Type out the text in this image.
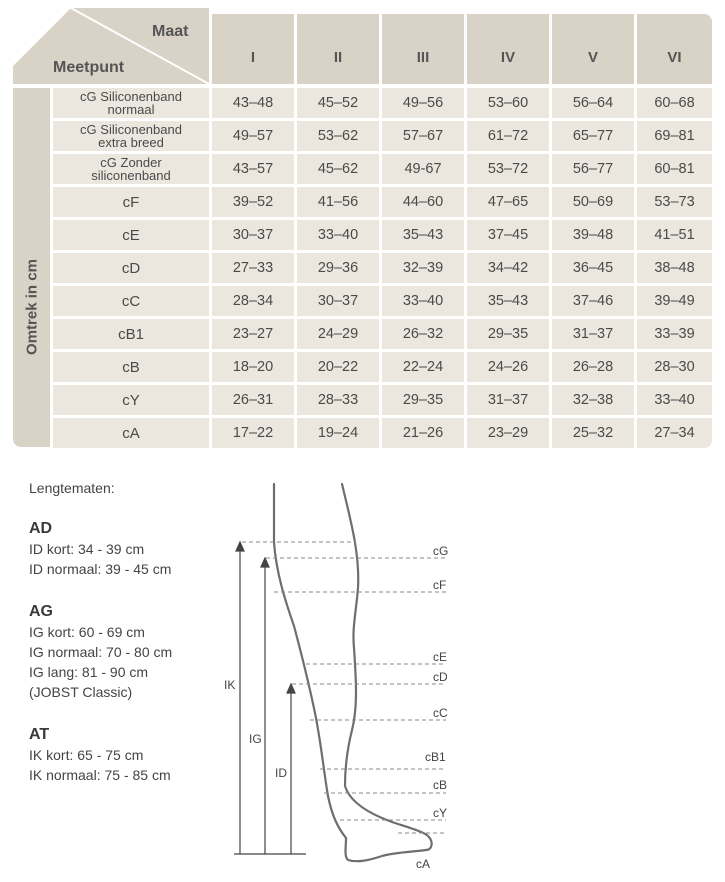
Maat
Meetpunt
I	II	III	IV	V	VI
Omtrek in cm
cG Siliconenband
normaal	43–48	45–52	49–56	53–60	56–64	60–68
cG Siliconenband
extra breed	49–57	53–62	57–67	61–72	65–77	69–81
cG Zonder
siliconenband	43–57	45–62	49-67	53–72	56–77	60–81
cF	39–52	41–56	44–60	47–65	50–69	53–73
cE	30–37	33–40	35–43	37–45	39–48	41–51
cD	27–33	29–36	32–39	34–42	36–45	38–48
cC	28–34	30–37	33–40	35–43	37–46	39–49
cB1	23–27	24–29	26–32	29–35	31–37	33–39
cB	18–20	20–22	22–24	24–26	26–28	28–30
cY	26–31	28–33	29–35	31–37	32–38	33–40
cA	17–22	19–24	21–26	23–29	25–32	27–34
Lengtematen:
AD
ID kort: 34 - 39 cm
ID normaal: 39 - 45 cm
AG
IG kort: 60 - 69 cm
IG normaal: 70 - 80 cm
IG lang: 81 - 90 cm
(JOBST Classic)
AT
IK kort: 65 - 75 cm
IK normaal: 75 - 85 cm
cG
cF
cE
cD
cC
cB1
cB
cY
cA
IK
IG
ID
